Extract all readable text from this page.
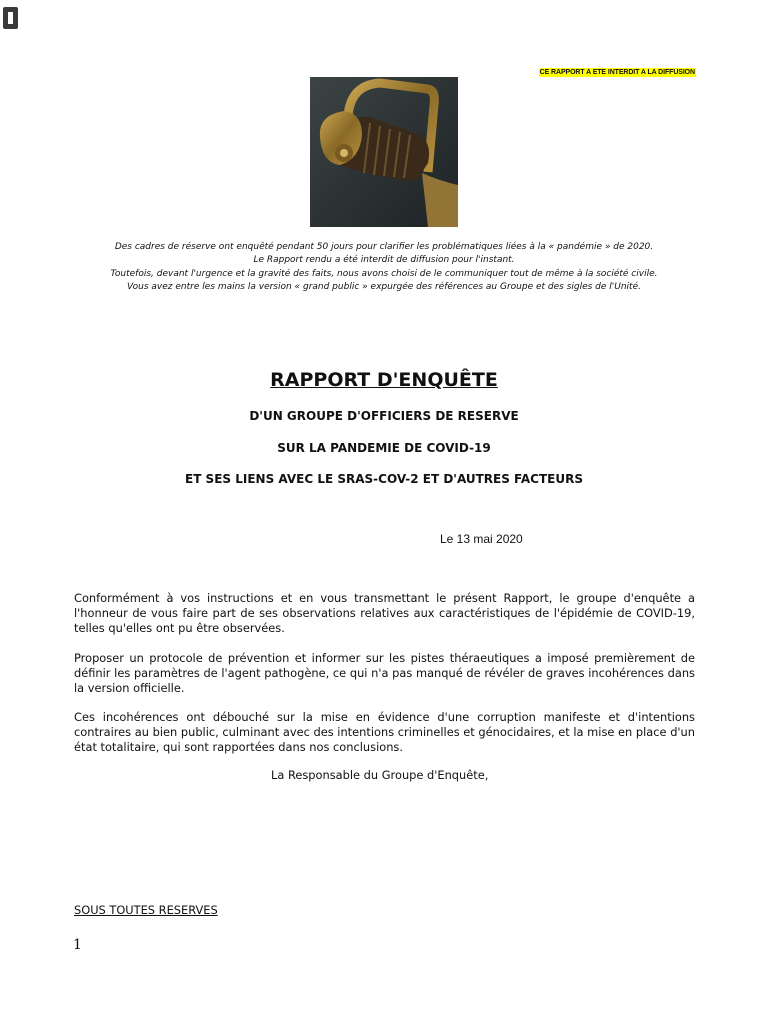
CE RAPPORT A ETE INTERDIT A LA DIFFUSION
Des cadres de réserve ont enquêté pendant 50 jours pour clarifier les problématiques liées à la « pandémie » de 2020.
Le Rapport rendu a été interdit de diffusion pour l'instant.
Toutefois, devant l'urgence et la gravité des faits, nous avons choisi de le communiquer tout de même à la société civile.
Vous avez entre les mains la version « grand public » expurgée des références au Groupe et des sigles de l'Unité.
RAPPORT D'ENQUÊTE
D'UN GROUPE D'OFFICIERS DE RESERVE
SUR LA PANDEMIE DE COVID-19
ET SES LIENS AVEC LE SRAS-COV-2 ET D'AUTRES FACTEURS
Le 13 mai 2020
Conformément à vos instructions et en vous transmettant le présent Rapport, le groupe d'enquête a l'honneur de vous faire part de ses observations relatives aux caractéristiques de l'épidémie de COVID-19, telles qu'elles ont pu être observées.
Proposer un protocole de prévention et informer sur les pistes théraeutiques a imposé premièrement de définir les paramètres de l'agent pathogène, ce qui n'a pas manqué de révéler de graves incohérences dans la version officielle.
Ces incohérences ont débouché sur la mise en évidence d'une corruption manifeste et d'intentions contraires au bien public, culminant avec des intentions criminelles et génocidaires, et la mise en place d'un état totalitaire, qui sont rapportées dans nos conclusions.
La Responsable du Groupe d'Enquête,
SOUS TOUTES RESERVES
1
